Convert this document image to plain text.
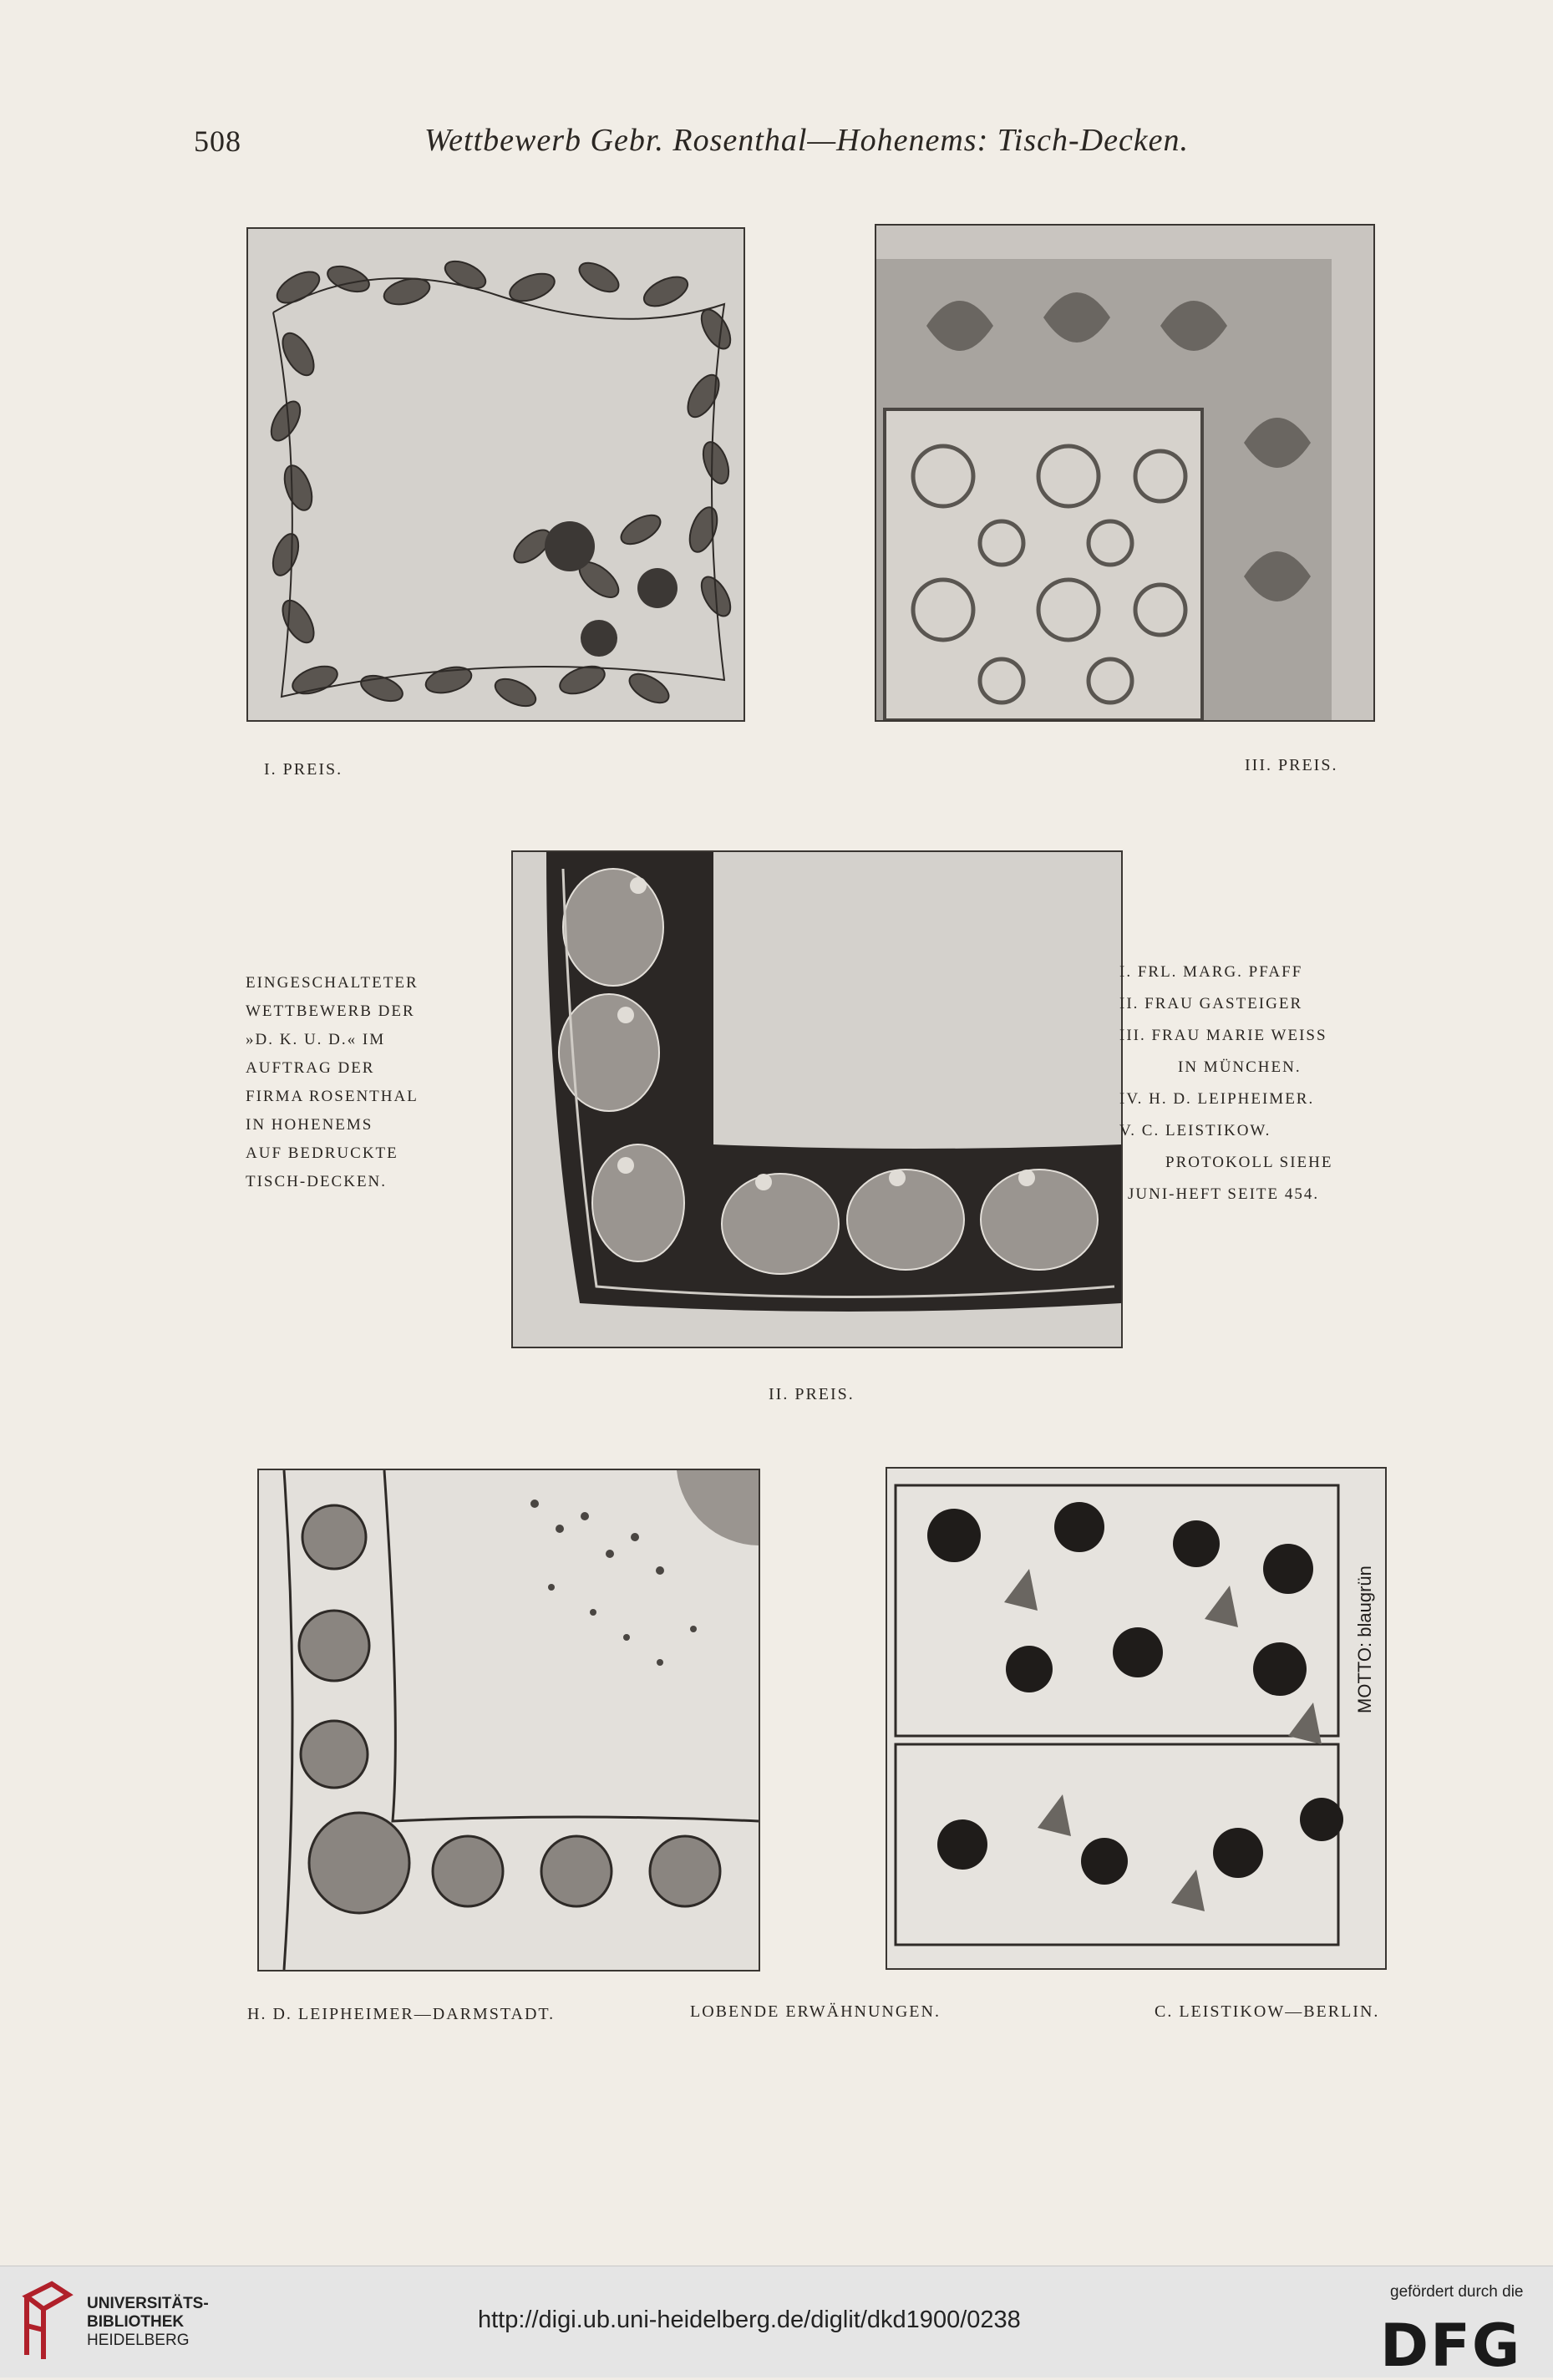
508	Wettbewerb Gebr. Rosenthal—Hohenems: Tisch-Decken.
I. PREIS.	III. PREIS.
EINGESCHALTETER
WETTBEWERB DER
»D. K. U. D.« IM
AUFTRAG DER
FIRMA ROSENTHAL
IN HOHENEMS
AUF BEDRUCKTE
TISCH-DECKEN.
I. FRL. MARG. PFAFF
II. FRAU GASTEIGER
III. FRAU MARIE WEISS
IN MÜNCHEN.
IV. H. D. LEIPHEIMER.
V. C. LEISTIKOW.
PROTOKOLL SIEHE
JUNI-HEFT SEITE 454.
II. PREIS.
MOTTO: blaugrün
H. D. LEIPHEIMER—DARMSTADT.	LOBENDE ERWÄHNUNGEN.	C. LEISTIKOW—BERLIN.
UNIVERSITÄTS-
BIBLIOTHEK
HEIDELBERG
http://digi.ub.uni-heidelberg.de/diglit/dkd1900/0238
gefördert durch die
DFG
